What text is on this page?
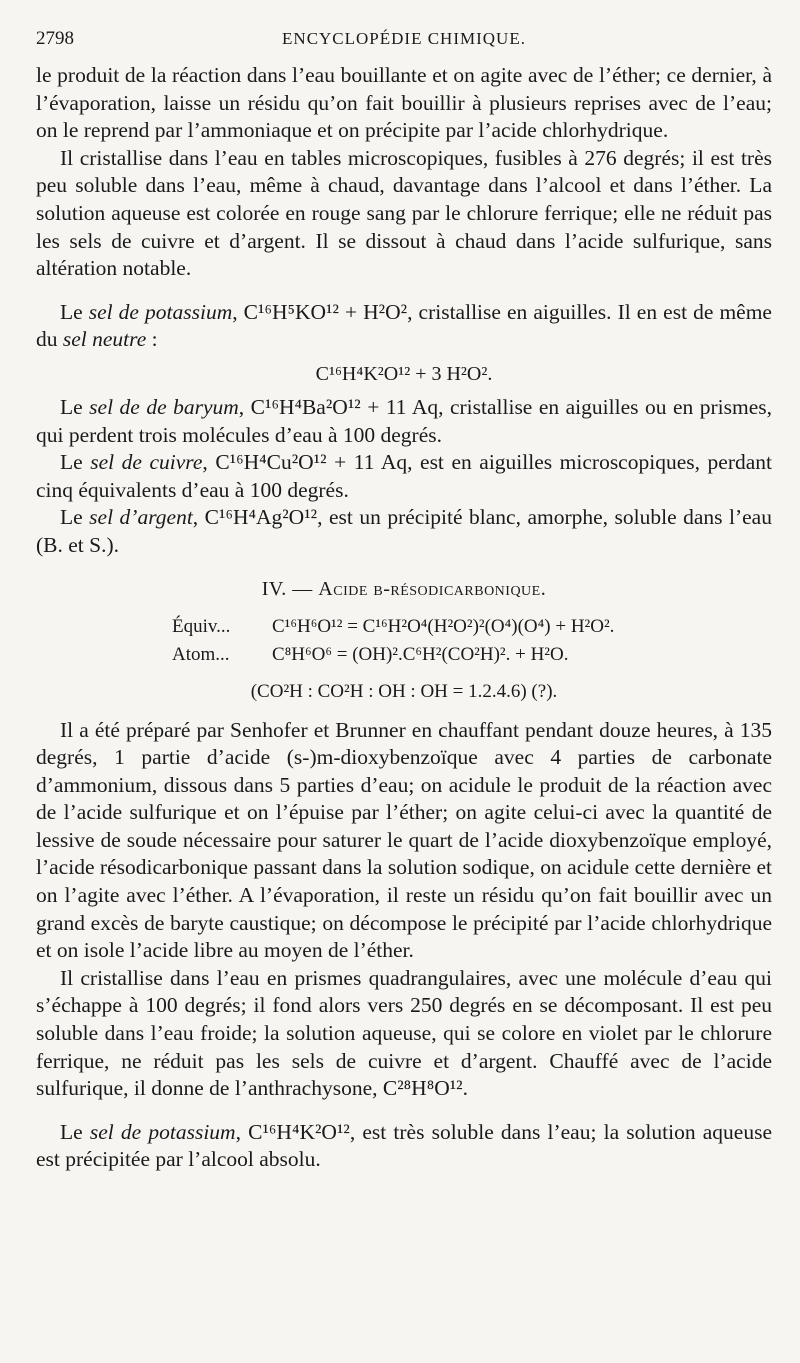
2798	ENCYCLOPÉDIE CHIMIQUE.

le produit de la réaction dans l’eau bouillante et on agite avec de l’éther; ce dernier, à l’évaporation, laisse un résidu qu’on fait bouillir à plusieurs reprises avec de l’eau; on le reprend par l’ammoniaque et on précipite par l’acide chlorhydrique.

Il cristallise dans l’eau en tables microscopiques, fusibles à 276 degrés; il est très peu soluble dans l’eau, même à chaud, davantage dans l’alcool et dans l’éther. La solution aqueuse est colorée en rouge sang par le chlorure ferrique; elle ne réduit pas les sels de cuivre et d’argent. Il se dissout à chaud dans l’acide sulfurique, sans altération notable.

Le sel de potassium, C¹⁶H⁵KO¹² + H²O², cristallise en aiguilles. Il en est de même du sel neutre :

C¹⁶H⁴K²O¹² + 3 H²O².

Le sel de de baryum, C¹⁶H⁴Ba²O¹² + 11 Aq, cristallise en aiguilles ou en prismes, qui perdent trois molécules d’eau à 100 degrés.

Le sel de cuivre, C¹⁶H⁴Cu²O¹² + 11 Aq, est en aiguilles microscopiques, perdant cinq équivalents d’eau à 100 degrés.

Le sel d’argent, C¹⁶H⁴Ag²O¹², est un précipité blanc, amorphe, soluble dans l’eau (B. et S.).

IV. — Acide β-résodicarbonique.
Équiv...	C¹⁶H⁶O¹² = C¹⁶H²O⁴(H²O²)²(O⁴)(O⁴) + H²O².
Atom...	C⁸H⁶O⁶ = (OH)².C⁶H²(CO²H)². + H²O.
(CO²H : CO²H : OH : OH = 1.2.4.6) (?).

Il a été préparé par Senhofer et Brunner en chauffant pendant douze heures, à 135 degrés, 1 partie d’acide (s-)m-dioxybenzoïque avec 4 parties de carbonate d’ammonium, dissous dans 5 parties d’eau; on acidule le produit de la réaction avec de l’acide sulfurique et on l’épuise par l’éther; on agite celui-ci avec la quantité de lessive de soude nécessaire pour saturer le quart de l’acide dioxybenzoïque employé, l’acide résodicarbonique passant dans la solution sodique, on acidule cette dernière et on l’agite avec l’éther. A l’évaporation, il reste un résidu qu’on fait bouillir avec un grand excès de baryte caustique; on décompose le précipité par l’acide chlorhydrique et on isole l’acide libre au moyen de l’éther.

Il cristallise dans l’eau en prismes quadrangulaires, avec une molécule d’eau qui s’échappe à 100 degrés; il fond alors vers 250 degrés en se décomposant. Il est peu soluble dans l’eau froide; la solution aqueuse, qui se colore en violet par le chlorure ferrique, ne réduit pas les sels de cuivre et d’argent. Chauffé avec de l’acide sulfurique, il donne de l’anthrachysone, C²⁸H⁸O¹².

Le sel de potassium, C¹⁶H⁴K²O¹², est très soluble dans l’eau; la solution aqueuse est précipitée par l’alcool absolu.
